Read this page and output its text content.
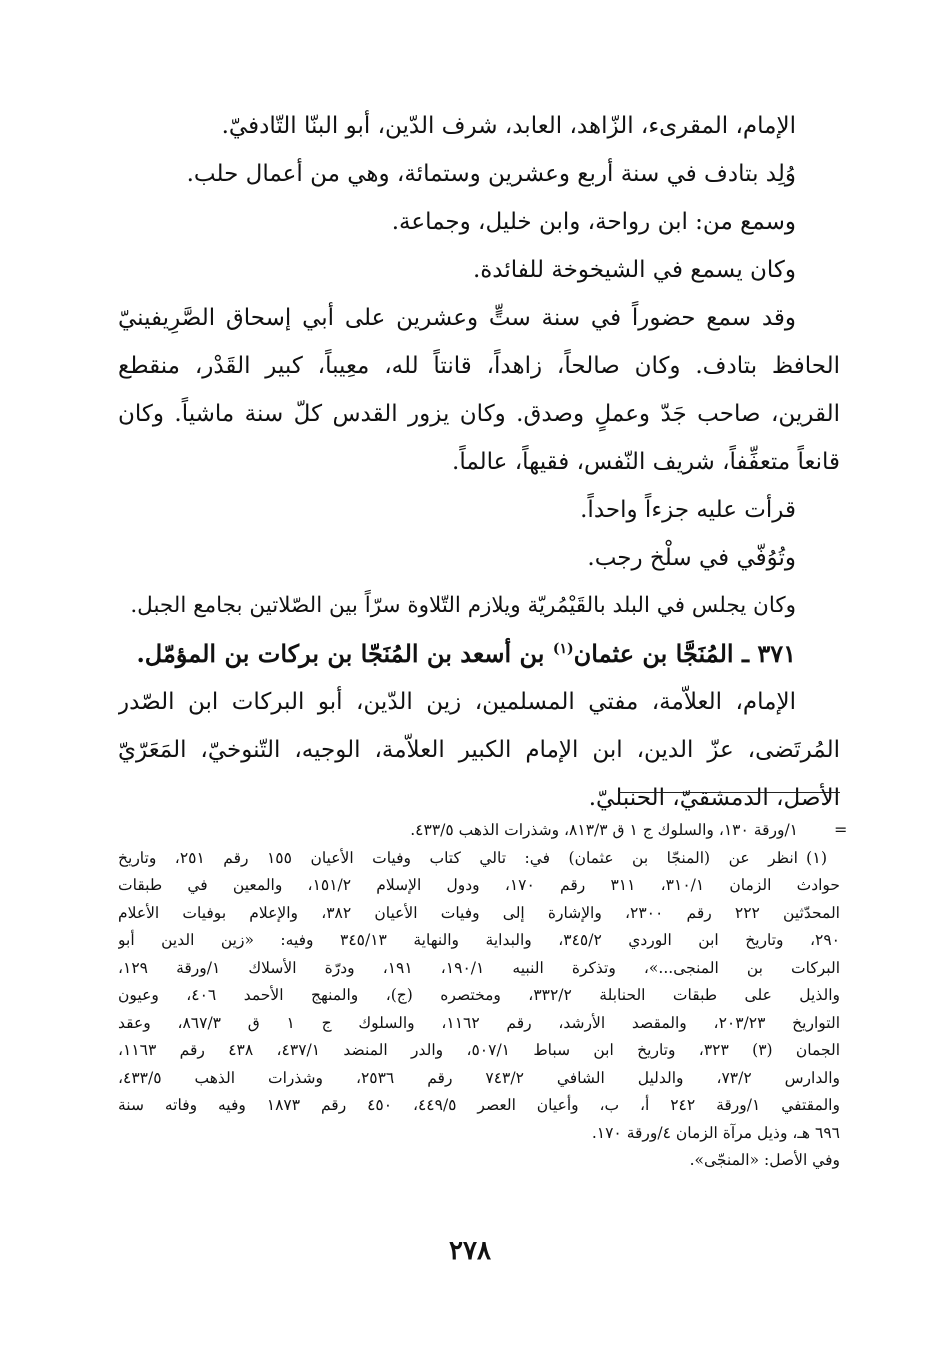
الإمام، المقرىء، الزّاهد، العابد، شرف الدّين، أبو البنّا التّادفيّ.
وُلِد بتادف في سنة أربع وعشرين وستمائة، وهي من أعمال حلب.
وسمع من: ابن رواحة، وابن خليل، وجماعة.
وكان يسمع في الشيخوخة للفائدة.
وقد سمع حضوراً في سنة ستٍّ وعشرين على أبي إسحاق الصَّرِيفينيّ
الحافظ بتادف. وكان صالحاً، زاهداً، قانتاً لله، معِيباً، كبير القَدْر، منقطع
القرين، صاحب جَدّ وعملٍ وصدق. وكان يزور القدس كلّ سنة ماشياً. وكان
قانعاً متعفِّفاً، شريف النّفس، فقيهاً، عالماً.
قرأت عليه جزءاً واحداً.
وتُوُفّي في سلْخ رجب.
وكان يجلس في البلد بالقَيْمُريّة ويلازم التّلاوة سرّاً بين الصّلاتين بجامع الجبل.
٣٧١ ـ المُنَجَّا بن عثمان$^{(١)}$ بن أسعد بن المُنَجّا بن بركات بن المؤمّل.
الإمام، العلاّمة، مفتي المسلمين، زين الدّين، أبو البركات ابن الصّدر
المُرتَضى، عزّ الدين، ابن الإمام الكبير العلاّمة، الوجيه، التّنوخيّ، المَعَرّيّ
الأصل، الدمشقيّ، الحنبليّ.
=
(١)
١/ورقة ١٣٠، والسلوك ج ١ ق ٨١٣/٣، وشذرات الذهب ٤٣٣/٥.
انظر عن (المنجّا بن عثمان) في: تالي كتاب وفيات الأعيان ١٥٥ رقم ٢٥١، وتاريخ
حوادث الزمان ٣١٠/١، ٣١١ رقم ١٧٠، ودول الإسلام ١٥١/٢، والمعين في طبقات
المحدّثين ٢٢٢ رقم ٢٣٠٠، والإشارة إلى وفيات الأعيان ٣٨٢، والإعلام بوفيات الأعلام
٢٩٠، وتاريخ ابن الوردي ٣٤٥/٢، والبداية والنهاية ٣٤٥/١٣ وفيه: «زين الدين أبو
البركات بن المنجى...»، وتذكرة النبيه ١٩٠/١، ١٩١، ودرّة الأسلاك ١/ورقة ١٢٩،
والذيل على طبقات الحنابلة ٣٣٢/٢، ومختصره (ج)، والمنهج الأحمد ٤٠٦، وعيون
التواريخ ٢٠٣/٢٣، والمقصد الأرشد، رقم ١١٦٢، والسلوك ج ١ ق ٨٦٧/٣، وعقد
الجمان (٣) ٣٢٣، وتاريخ ابن سباط ٥٠٧/١، والدر المنضد ٤٣٧/١، ٤٣٨ رقم ١١٦٣،
والدارس ٧٣/٢، والدليل الشافي ٧٤٣/٢ رقم ٢٥٣٦، وشذرات الذهب ٤٣٣/٥،
والمقتفي ١/ورقة ٢٤٢ أ، ب، وأعيان العصر ٤٤٩/٥، ٤٥٠ رقم ١٨٧٣ وفيه وفاته سنة
٦٩٦ هـ، وذيل مرآة الزمان ٤/ورقة ١٧٠.
وفي الأصل: «المنجّى».
٢٧٨
